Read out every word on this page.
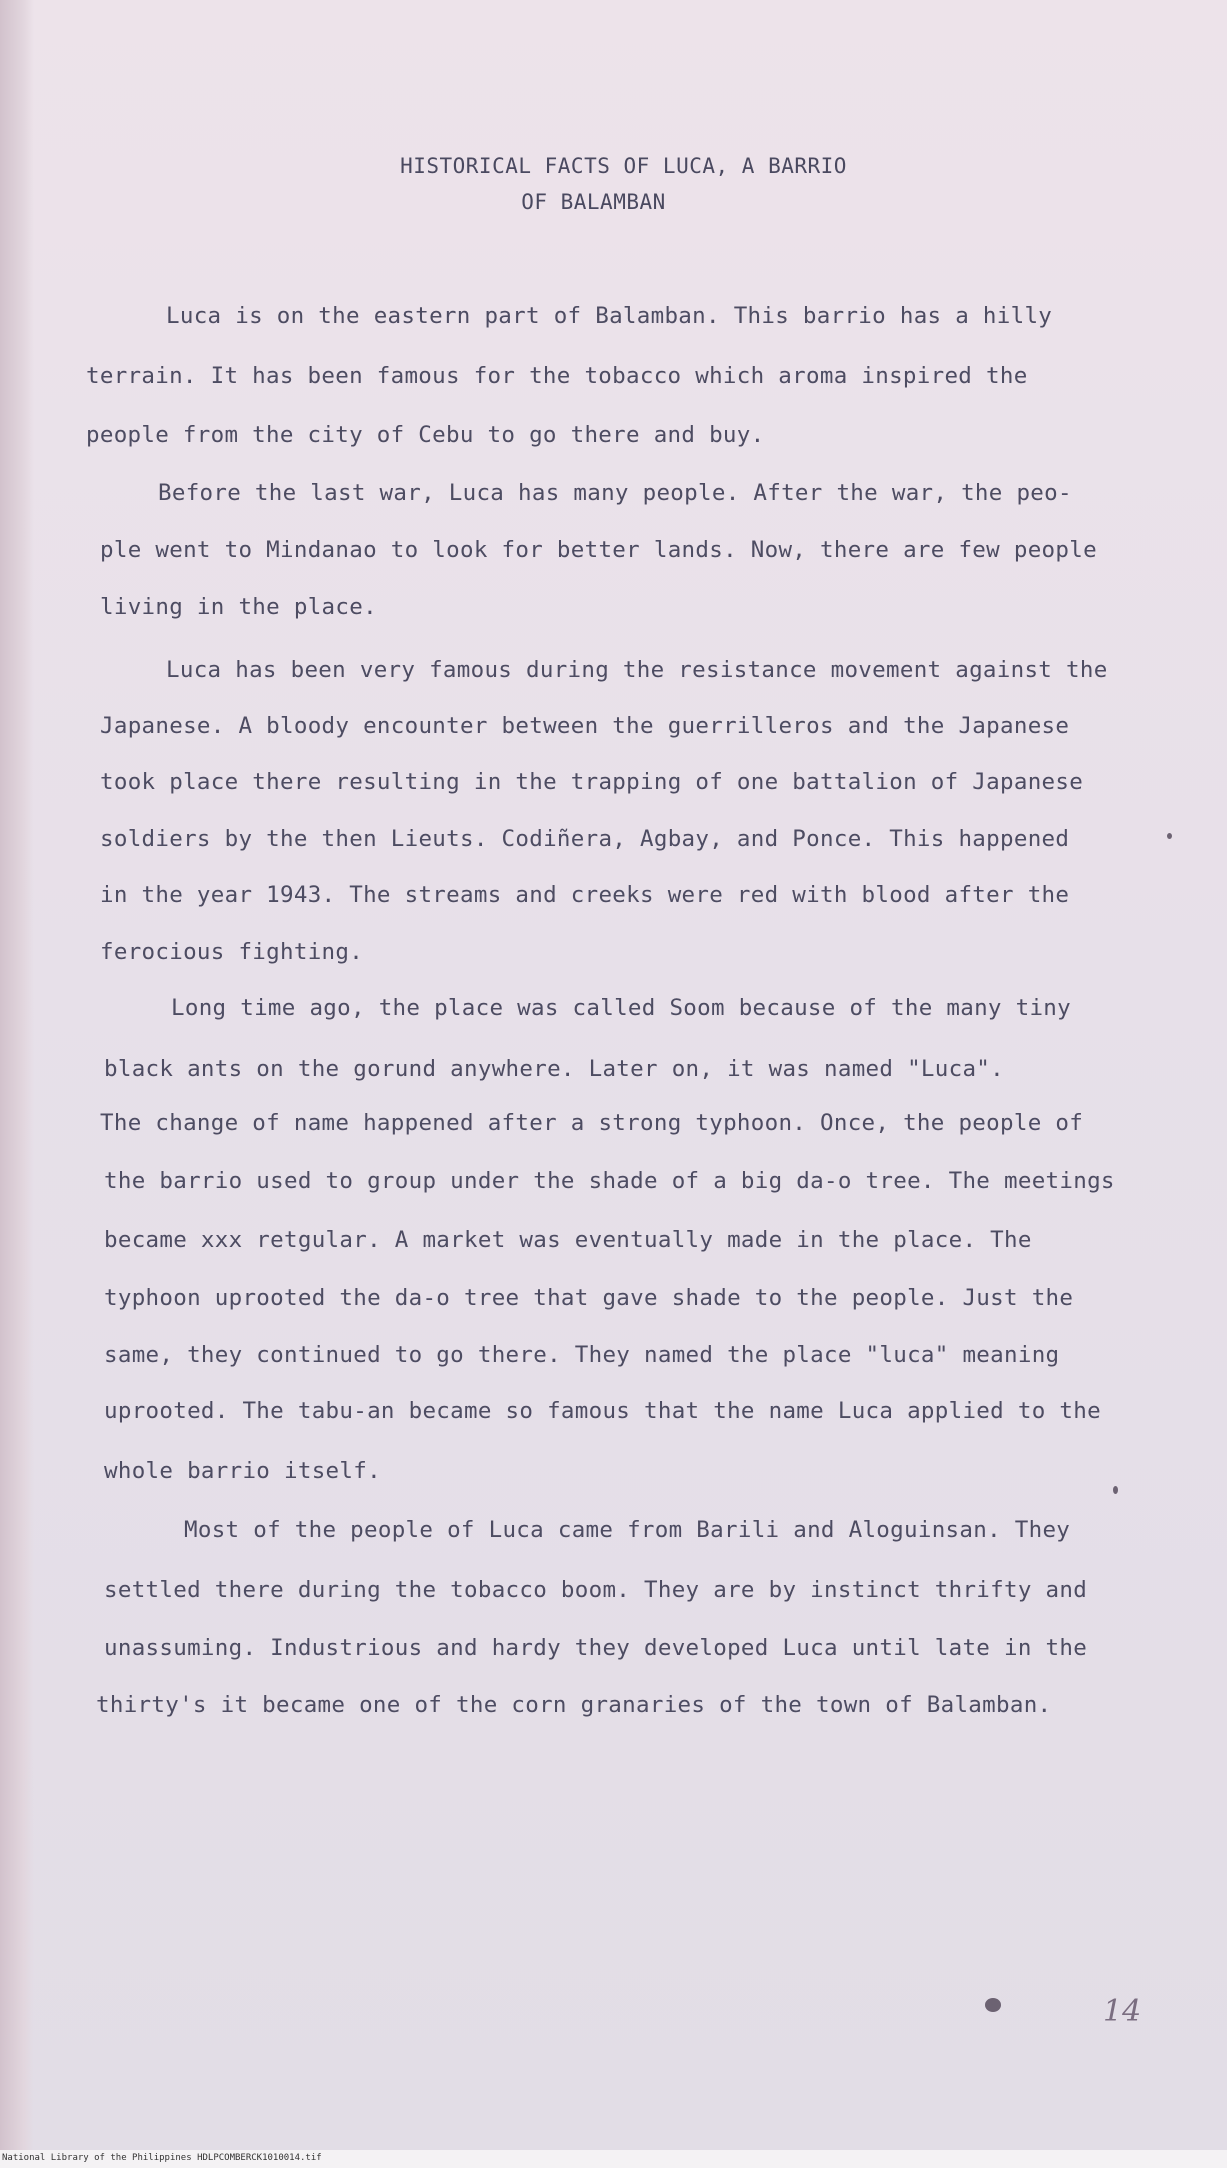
HISTORICAL FACTS OF LUCA, A BARRIO
OF BALAMBAN
Luca is on the eastern part of Balamban. This barrio has a hilly
terrain. It has been famous for the tobacco which aroma inspired the
people from the city of Cebu to go there and buy.
Before the last war, Luca has many people. After the war, the peo-
ple went to Mindanao to look for better lands. Now, there are few people
living in the place.
Luca has been very famous during the resistance movement against the
Japanese. A bloody encounter between the guerrilleros and the Japanese
took place there resulting in the trapping of one battalion of Japanese
soldiers by the then Lieuts. Codiñera, Agbay, and Ponce. This happened
in the year 1943. The streams and creeks were red with blood after the
ferocious fighting.
Long time ago, the place was called Soom because of the many tiny
black ants on the gorund anywhere. Later on, it was named "Luca".
The change of name happened after a strong typhoon. Once, the people of
the barrio used to group under the shade of a big da-o tree. The meetings
became xxx retgular. A market was eventually made in the place. The
typhoon uprooted the da-o tree that gave shade to the people. Just the
same, they continued to go there. They named the place "luca" meaning
uprooted. The tabu-an became so famous that the name Luca applied to the
whole barrio itself.
Most of the people of Luca came from Barili and Aloguinsan. They
settled there during the tobacco boom. They are by instinct thrifty and
unassuming. Industrious and hardy they developed Luca until late in the
thirty's it became one of the corn granaries of the town of Balamban.
14
National Library of the Philippines HDLPCOMBERCK1010014.tif
